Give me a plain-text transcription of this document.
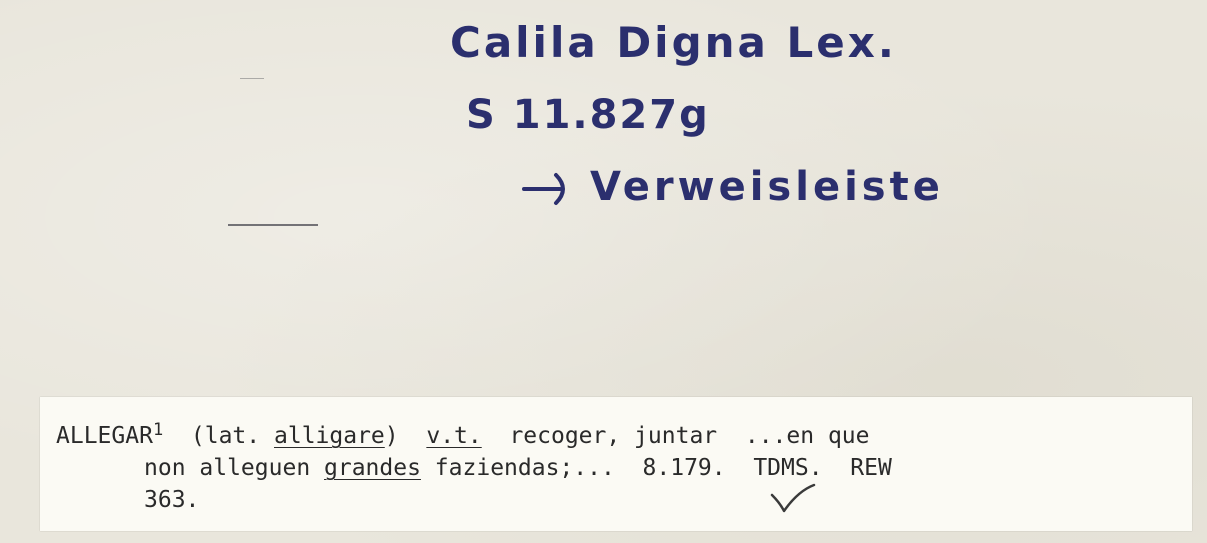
Calila Digna Lex.
S 11.827g
Verweisleiste
ALLEGAR$^1$ (lat. alligare) v.t. recoger, juntar ...en que
non alleguen grandes faziendas;... 8.179. TDMS. REW
363.
